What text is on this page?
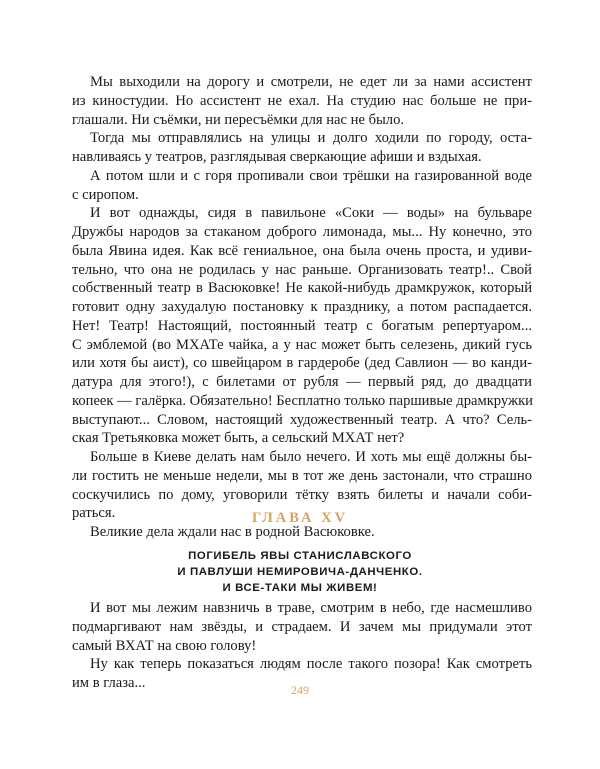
Мы выходили на дорогу и смотрели, не едет ли за нами ассистент
из киностудии. Но ассистент не ехал. На студию нас больше не при-
глашали. Ни съёмки, ни пересъёмки для нас не было.
Тогда мы отправлялись на улицы и долго ходили по городу, оста-
навливаясь у театров, разглядывая сверкающие афиши и вздыхая.
А потом шли и с горя пропивали свои трёшки на газированной воде
с сиропом.
И вот однажды, сидя в павильоне «Соки — воды» на бульваре
Дружбы народов за стаканом доброго лимонада, мы... Ну конечно, это
была Явина идея. Как всё гениальное, она была очень проста, и удиви-
тельно, что она не родилась у нас раньше. Организовать театр!.. Свой
собственный театр в Васюковке! Не какой-нибудь драмкружок, который
готовит одну захудалую постановку к празднику, а потом распадается.
Нет! Театр! Настоящий, постоянный театр с богатым репертуаром...
С эмблемой (во МХАТе чайка, а у нас может быть селезень, дикий гусь
или хотя бы аист), со швейцаром в гардеробе (дед Савлион — во канди-
датура для этого!), с билетами от рубля — первый ряд, до двадцати
копеек — галёрка. Обязательно! Бесплатно только паршивые драмкружки
выступают... Словом, настоящий художественный театр. А что? Сель-
ская Третьяковка может быть, а сельский МХАТ нет?
Больше в Киеве делать нам было нечего. И хоть мы ещё должны бы-
ли гостить не меньше недели, мы в тот же день застонали, что страшно
соскучились по дому, уговорили тётку взять билеты и начали соби-
раться.
Великие дела ждали нас в родной Васюковке.
И вот мы лежим навзничь в траве, смотрим в небо, где насмешливо
подмаргивают нам звёзды, и страдаем. И зачем мы придумали этот
самый ВХАТ на свою голову!
Ну как теперь показаться людям после такого позора! Как смотреть
им в глаза...
ГЛАВА XV
ПОГИБЕЛЬ ЯВЫ СТАНИСЛАВСКОГО
И ПАВЛУШИ НЕМИРОВИЧА-ДАНЧЕНКО.
И ВСЕ-ТАКИ МЫ ЖИВЕМ!
249
